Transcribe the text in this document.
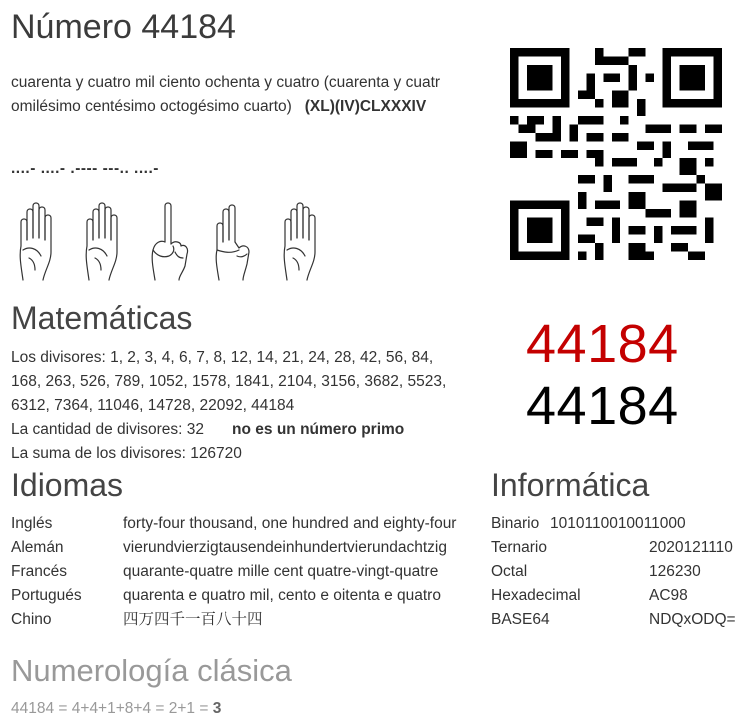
Número 44184
cuarenta y cuatro mil ciento ochenta y cuatro (cuarenta y cuatr
omilésimo centésimo octogésimo cuarto) (XL)(IV)CLXXXIV
....- ....- .---- ---.. ....-
Matemáticas
Los divisores: 1, 2, 3, 4, 6, 7, 8, 12, 14, 21, 24, 28, 42, 56, 84,
168, 263, 526, 789, 1052, 1578, 1841, 2104, 3156, 3682, 5523,
6312, 7364, 11046, 14728, 22092, 44184
La cantidad de divisores: 32 no es un número primo
La suma de los divisores: 126720
44184
44184
Idiomas
Inglés	forty-four thousand, one hundred and eighty-four
Alemán	vierundvierzigtausendeinhundertvierundachtzig
Francés	quarante-quatre mille cent quatre-vingt-quatre
Portugués	quarenta e quatro mil, cento e oitenta e quatro
Chino	四万四千一百八十四
Informática
Binario 1010110010011000
Ternario	2020121110
Octal	126230
Hexadecimal	AC98
BASE64	NDQxODQ=
Numerología clásica
44184 = 4+4+1+8+4 = 2+1 = 3
